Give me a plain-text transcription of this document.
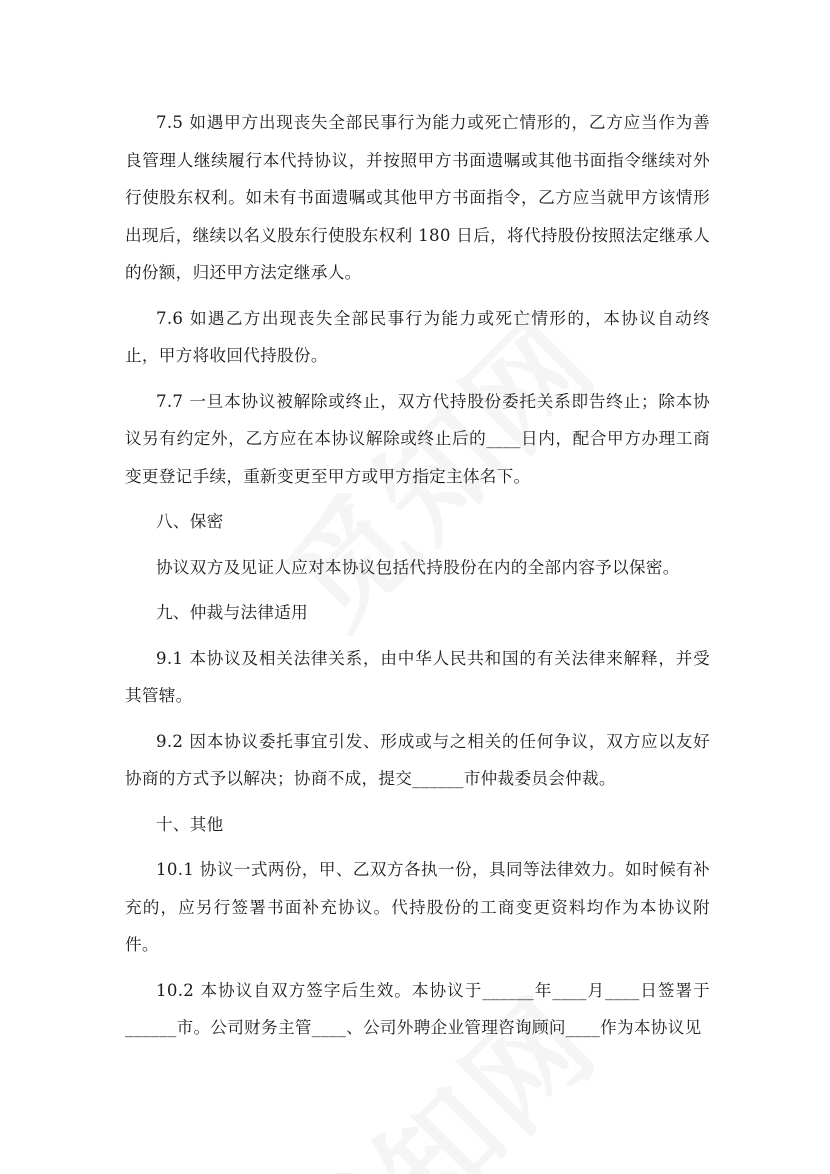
7.5 如遇甲方出现丧失全部民事行为能力或死亡情形的，乙方应当作为善良管理人继续履行本代持协议，并按照甲方书面遗嘱或其他书面指令继续对外行使股东权利。如未有书面遗嘱或其他甲方书面指令，乙方应当就甲方该情形出现后，继续以名义股东行使股东权利 180 日后，将代持股份按照法定继承人的份额，归还甲方法定继承人。

7.6 如遇乙方出现丧失全部民事行为能力或死亡情形的，本协议自动终止，甲方将收回代持股份。

7.7 一旦本协议被解除或终止，双方代持股份委托关系即告终止；除本协议另有约定外，乙方应在本协议解除或终止后的____日内，配合甲方办理工商变更登记手续，重新变更至甲方或甲方指定主体名下。

八、保密

协议双方及见证人应对本协议包括代持股份在内的全部内容予以保密。

九、仲裁与法律适用

9.1 本协议及相关法律关系，由中华人民共和国的有关法律来解释，并受其管辖。

9.2 因本协议委托事宜引发、形成或与之相关的任何争议，双方应以友好协商的方式予以解决；协商不成，提交______市仲裁委员会仲裁。

十、其他

10.1 协议一式两份，甲、乙双方各执一份，具同等法律效力。如时候有补充的，应另行签署书面补充协议。代持股份的工商变更资料均作为本协议附件。

10.2 本协议自双方签字后生效。本协议于______年____月____日签署于______市。公司财务主管____、公司外聘企业管理咨询顾问____作为本协议见
